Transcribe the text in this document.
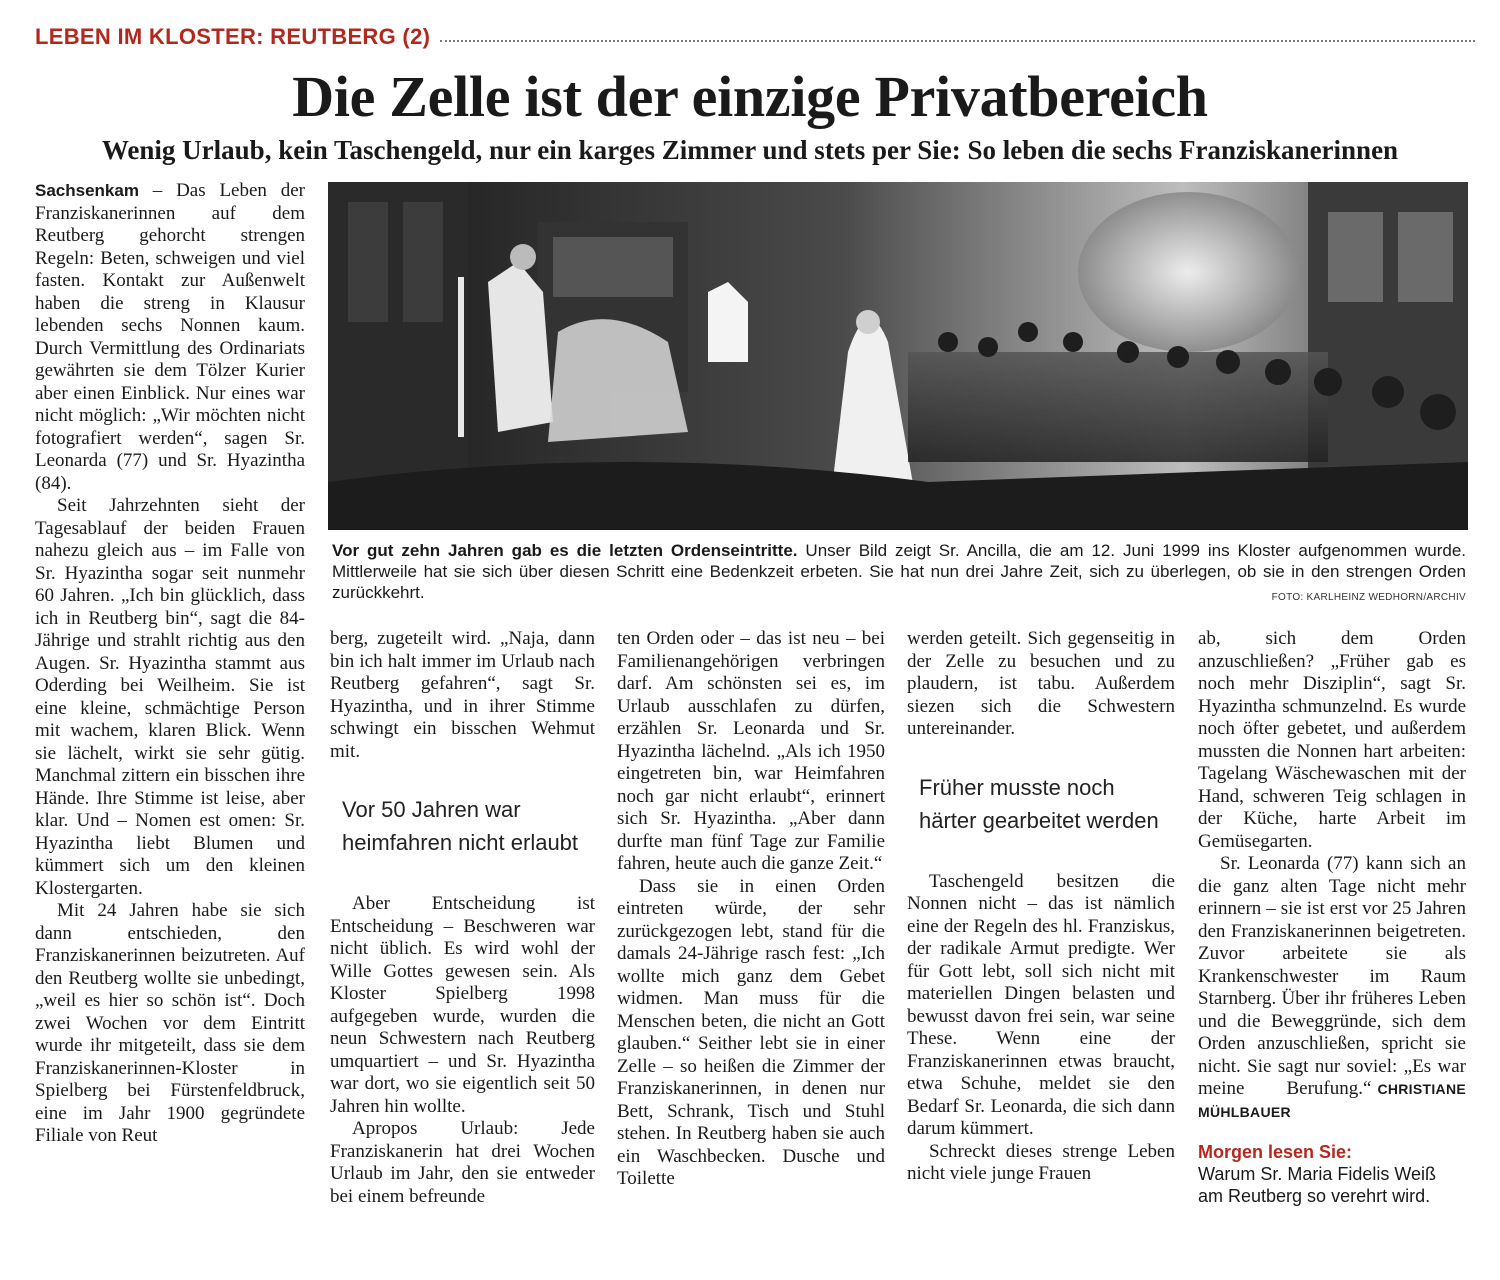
LEBEN IM KLOSTER: REUTBERG (2)
Die Zelle ist der einzige Privatbereich
Wenig Urlaub, kein Taschengeld, nur ein karges Zimmer und stets per Sie: So leben die sechs Franziskanerinnen

Sachsenkam – Das Leben der Franziskanerinnen auf dem Reutberg gehorcht strengen Regeln: Beten, schweigen und viel fasten. Kontakt zur Außenwelt haben die streng in Klausur lebenden sechs Nonnen kaum. Durch Vermittlung des Ordinariats gewährten sie dem Tölzer Kurier aber einen Einblick. Nur eines war nicht möglich: „Wir möchten nicht fotografiert werden“, sagen Sr. Leonarda (77) und Sr. Hyazintha (84).

Seit Jahrzehnten sieht der Tagesablauf der beiden Frauen nahezu gleich aus – im Falle von Sr. Hyazintha sogar seit nunmehr 60 Jahren. „Ich bin glücklich, dass ich in Reutberg bin“, sagt die 84-Jährige und strahlt richtig aus den Augen. Sr. Hyazintha stammt aus Oderding bei Weilheim. Sie ist eine kleine, schmächtige Person mit wachem, klaren Blick. Wenn sie lächelt, wirkt sie sehr gütig. Manchmal zittern ein bisschen ihre Hände. Ihre Stimme ist leise, aber klar. Und – Nomen est omen: Sr. Hyazintha liebt Blumen und kümmert sich um den kleinen Klostergarten.

Mit 24 Jahren habe sie sich dann entschieden, den Franziskanerinnen beizutreten. Auf den Reutberg wollte sie unbedingt, „weil es hier so schön ist“. Doch zwei Wochen vor dem Eintritt wurde ihr mitgeteilt, dass sie dem Franziskanerinnen-Kloster in Spielberg bei Fürstenfeldbruck, eine im Jahr 1900 gegründete Filiale von Reut

Vor gut zehn Jahren gab es die letzten Ordenseintritte. Unser Bild zeigt Sr. Ancilla, die am 12. Juni 1999 ins Kloster aufgenommen wurde. Mittlerweile hat sie sich über diesen Schritt eine Bedenkzeit erbeten. Sie hat nun drei Jahre Zeit, sich zu überlegen, ob sie in den strengen Orden zurückkehrt.	FOTO: KARLHEINZ WEDHORN/ARCHIV

berg, zugeteilt wird. „Naja, dann bin ich halt immer im Urlaub nach Reutberg gefahren“, sagt Sr. Hyazintha, und in ihrer Stimme schwingt ein bisschen Wehmut mit.

Vor 50 Jahren war heimfahren nicht erlaubt

Aber Entscheidung ist Entscheidung – Beschweren war nicht üblich. Es wird wohl der Wille Gottes gewesen sein. Als Kloster Spielberg 1998 aufgegeben wurde, wurden die neun Schwestern nach Reutberg umquartiert – und Sr. Hyazintha war dort, wo sie eigentlich seit 50 Jahren hin wollte.

Apropos Urlaub: Jede Franziskanerin hat drei Wochen Urlaub im Jahr, den sie entweder bei einem befreunde

ten Orden oder – das ist neu – bei Familienangehörigen verbringen darf. Am schönsten sei es, im Urlaub ausschlafen zu dürfen, erzählen Sr. Leonarda und Sr. Hyazintha lächelnd. „Als ich 1950 eingetreten bin, war Heimfahren noch gar nicht erlaubt“, erinnert sich Sr. Hyazintha. „Aber dann durfte man fünf Tage zur Familie fahren, heute auch die ganze Zeit.“

Dass sie in einen Orden eintreten würde, der sehr zurückgezogen lebt, stand für die damals 24-Jährige rasch fest: „Ich wollte mich ganz dem Gebet widmen. Man muss für die Menschen beten, die nicht an Gott glauben.“ Seither lebt sie in einer Zelle – so heißen die Zimmer der Franziskanerinnen, in denen nur Bett, Schrank, Tisch und Stuhl stehen. In Reutberg haben sie auch ein Waschbecken. Dusche und Toilette

werden geteilt. Sich gegenseitig in der Zelle zu besuchen und zu plaudern, ist tabu. Außerdem siezen sich die Schwestern untereinander.

Früher musste noch härter gearbeitet werden

Taschengeld besitzen die Nonnen nicht – das ist nämlich eine der Regeln des hl. Franziskus, der radikale Armut predigte. Wer für Gott lebt, soll sich nicht mit materiellen Dingen belasten und bewusst davon frei sein, war seine These. Wenn eine der Franziskanerinnen etwas braucht, etwa Schuhe, meldet sie den Bedarf Sr. Leonarda, die sich dann darum kümmert.

Schreckt dieses strenge Leben nicht viele junge Frauen

ab, sich dem Orden anzuschließen? „Früher gab es noch mehr Disziplin“, sagt Sr. Hyazintha schmunzelnd. Es wurde noch öfter gebetet, und außerdem mussten die Nonnen hart arbeiten: Tagelang Wäschewaschen mit der Hand, schweren Teig schlagen in der Küche, harte Arbeit im Gemüsegarten.

Sr. Leonarda (77) kann sich an die ganz alten Tage nicht mehr erinnern – sie ist erst vor 25 Jahren den Franziskanerinnen beigetreten. Zuvor arbeitete sie als Krankenschwester im Raum Starnberg. Über ihr früheres Leben und die Beweggründe, sich dem Orden anzuschließen, spricht sie nicht. Sie sagt nur soviel: „Es war meine Berufung.“ CHRISTIANE MÜHLBAUER

Morgen lesen Sie:
Warum Sr. Maria Fidelis Weiß am Reutberg so verehrt wird.
